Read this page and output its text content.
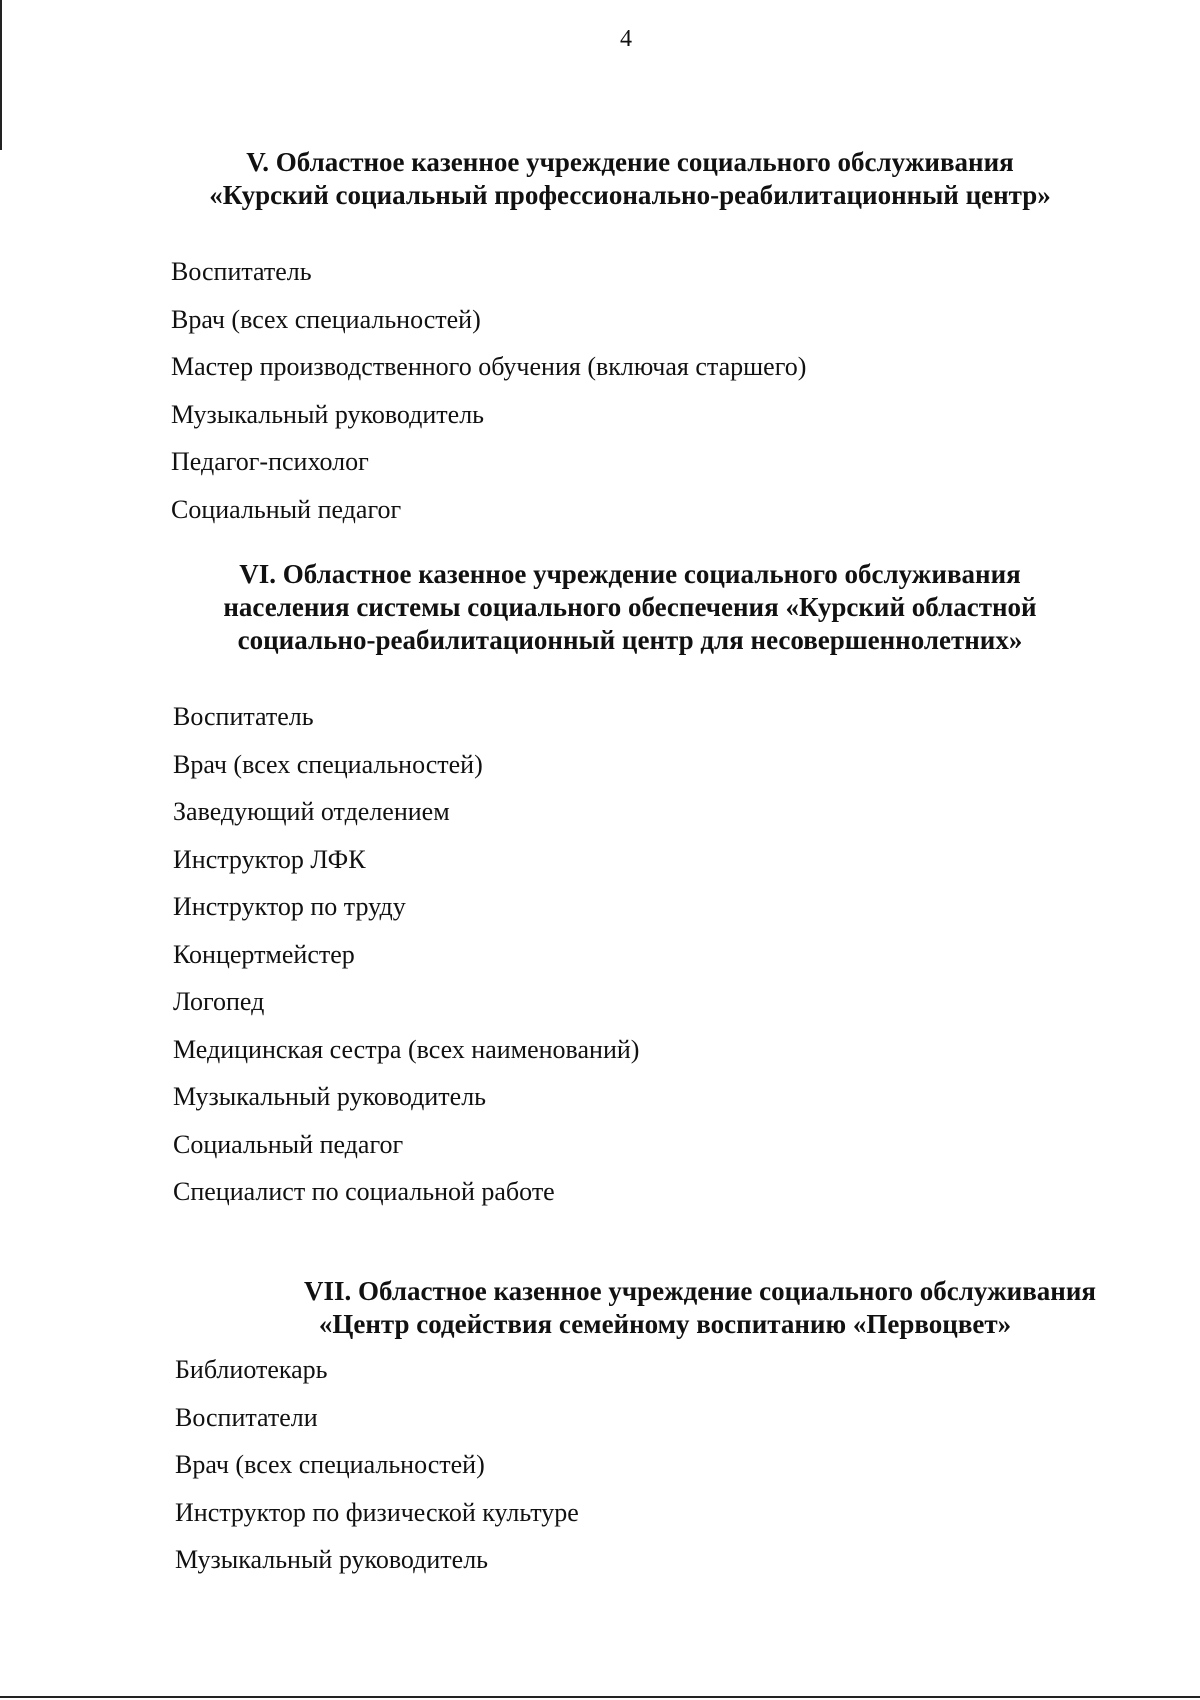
4
V. Областное казенное учреждение социального обслуживания
«Курский социальный профессионально-реабилитационный центр»
Воспитатель
Врач (всех специальностей)
Мастер производственного обучения (включая старшего)
Музыкальный руководитель
Педагог-психолог
Социальный педагог
VI. Областное казенное учреждение социального обслуживания
населения системы социального обеспечения «Курский областной
социально-реабилитационный центр для несовершеннолетних»
Воспитатель
Врач (всех специальностей)
Заведующий отделением
Инструктор ЛФК
Инструктор по труду
Концертмейстер
Логопед
Медицинская сестра (всех наименований)
Музыкальный руководитель
Социальный педагог
Специалист по социальной работе
VII. Областное казенное учреждение социального обслуживания
«Центр содействия семейному воспитанию «Первоцвет»
Библиотекарь
Воспитатели
Врач (всех специальностей)
Инструктор по физической культуре
Музыкальный руководитель
